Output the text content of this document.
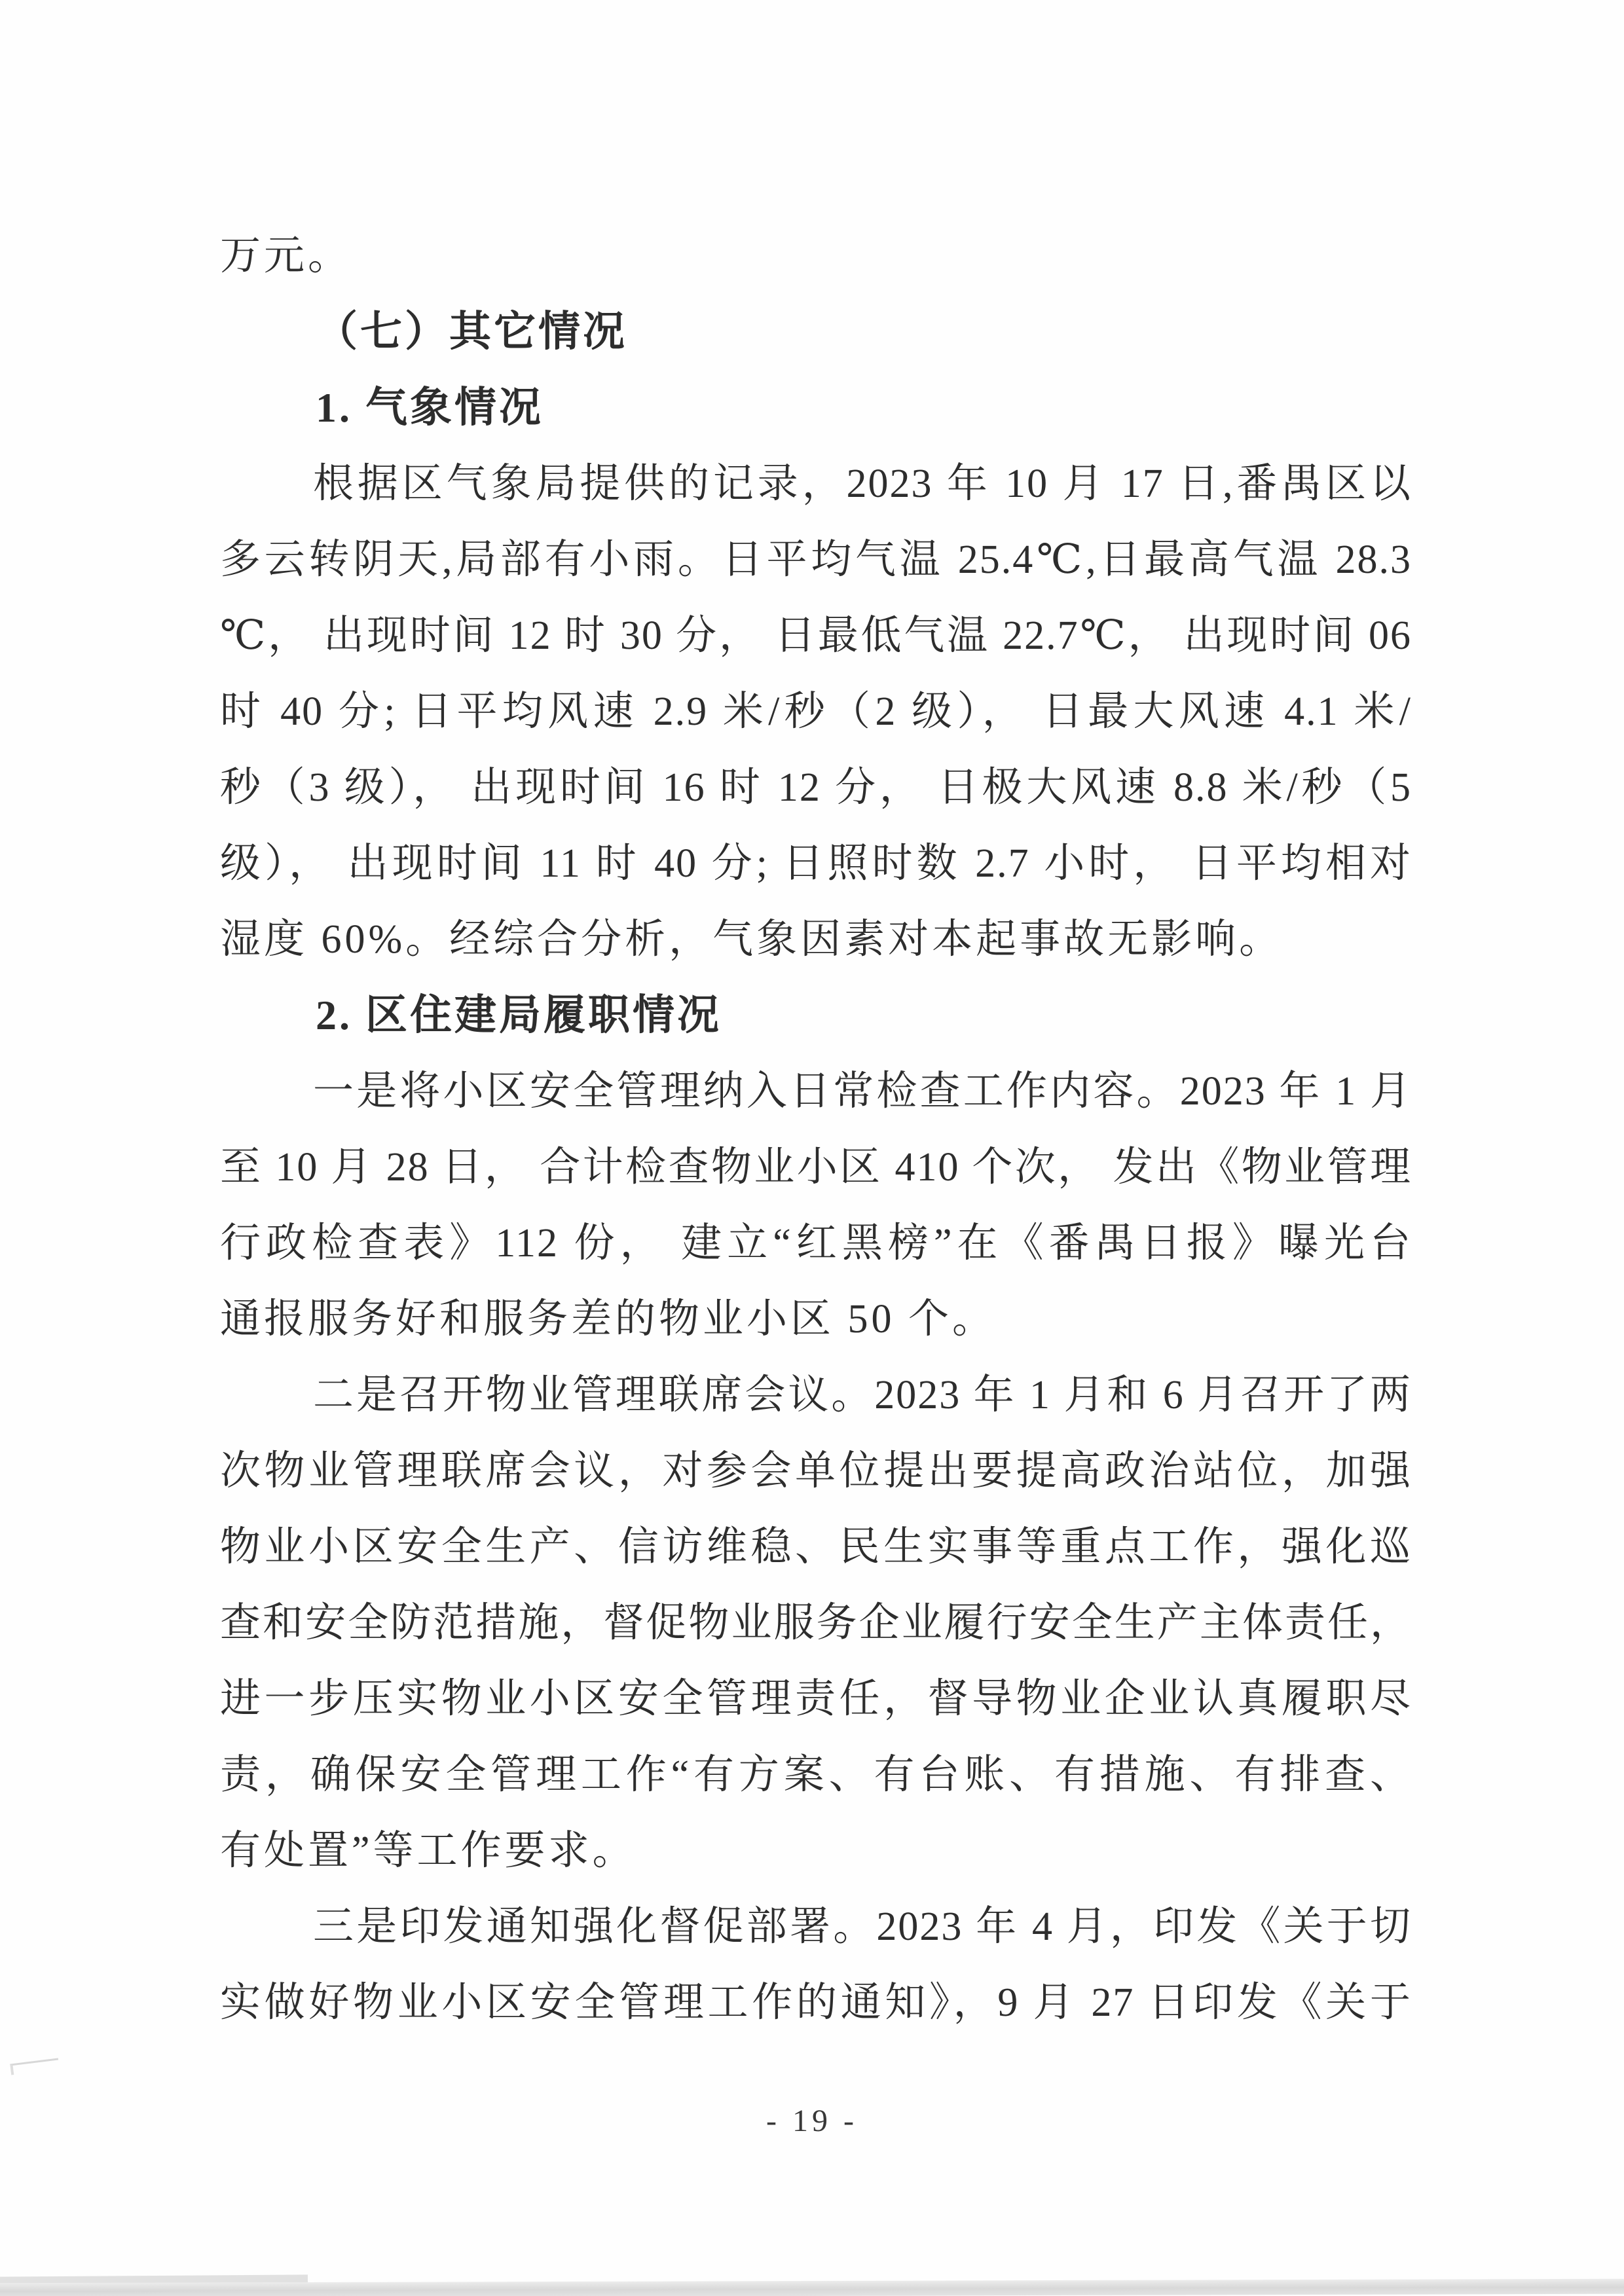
万元。
（七）其它情况
1. 气象情况
根据区气象局提供的记录，2023 年 10 月 17 日,番禺区以
多云转阴天,局部有小雨。日平均气温 25.4℃,日最高气温 28.3
℃， 出现时间 12 时 30 分， 日最低气温 22.7℃， 出现时间 06
时 40 分; 日平均风速 2.9 米/秒（2 级）， 日最大风速 4.1 米/
秒（3 级）， 出现时间 16 时 12 分， 日极大风速 8.8 米/秒（5
级）， 出现时间 11 时 40 分; 日照时数 2.7 小时， 日平均相对
湿度 60%。经综合分析，气象因素对本起事故无影响。
2. 区住建局履职情况
一是将小区安全管理纳入日常检查工作内容。2023 年 1 月
至 10 月 28 日， 合计检查物业小区 410 个次， 发出《物业管理
行政检查表》112 份， 建立“红黑榜”在《番禺日报》曝光台
通报服务好和服务差的物业小区 50 个。
二是召开物业管理联席会议。2023 年 1 月和 6 月召开了两
次物业管理联席会议，对参会单位提出要提高政治站位，加强
物业小区安全生产、信访维稳、民生实事等重点工作，强化巡
查和安全防范措施，督促物业服务企业履行安全生产主体责任，
进一步压实物业小区安全管理责任，督导物业企业认真履职尽
责，确保安全管理工作“有方案、有台账、有措施、有排查、
有处置”等工作要求。
三是印发通知强化督促部署。2023 年 4 月，印发《关于切
实做好物业小区安全管理工作的通知》，9 月 27 日印发《关于
- 19 -
